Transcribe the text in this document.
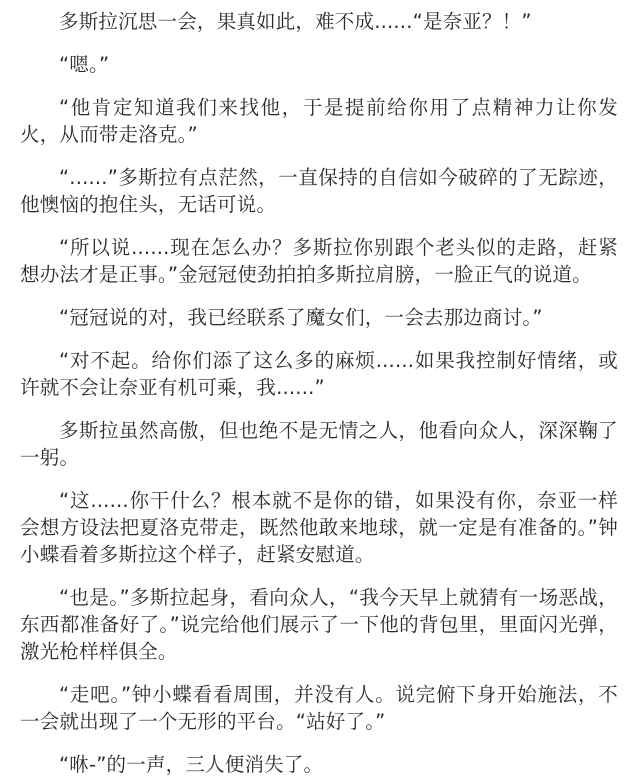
多斯拉沉思一会，果真如此，难不成......“是奈亚？！”

“嗯。”

“他肯定知道我们来找他，于是提前给你用了点精神力让你发火，从而带走洛克。”

“......”多斯拉有点茫然，一直保持的自信如今破碎的了无踪迹，他懊恼的抱住头，无话可说。

“所以说......现在怎么办？多斯拉你别跟个老头似的走路，赶紧想办法才是正事。”金冠冠使劲拍拍多斯拉肩膀，一脸正气的说道。

“冠冠说的对，我已经联系了魔女们，一会去那边商讨。”

“对不起。给你们添了这么多的麻烦......如果我控制好情绪，或许就不会让奈亚有机可乘，我......”

多斯拉虽然高傲，但也绝不是无情之人，他看向众人，深深鞠了一躬。

“这......你干什么？根本就不是你的错，如果没有你，奈亚一样会想方设法把夏洛克带走，既然他敢来地球，就一定是有准备的。”钟小蝶看着多斯拉这个样子，赶紧安慰道。

“也是。”多斯拉起身，看向众人，“我今天早上就猜有一场恶战，东西都准备好了。”说完给他们展示了一下他的背包里，里面闪光弹，激光枪样样俱全。

“走吧。”钟小蝶看看周围，并没有人。说完俯下身开始施法，不一会就出现了一个无形的平台。“站好了。”

“咻-”的一声，三人便消失了。
